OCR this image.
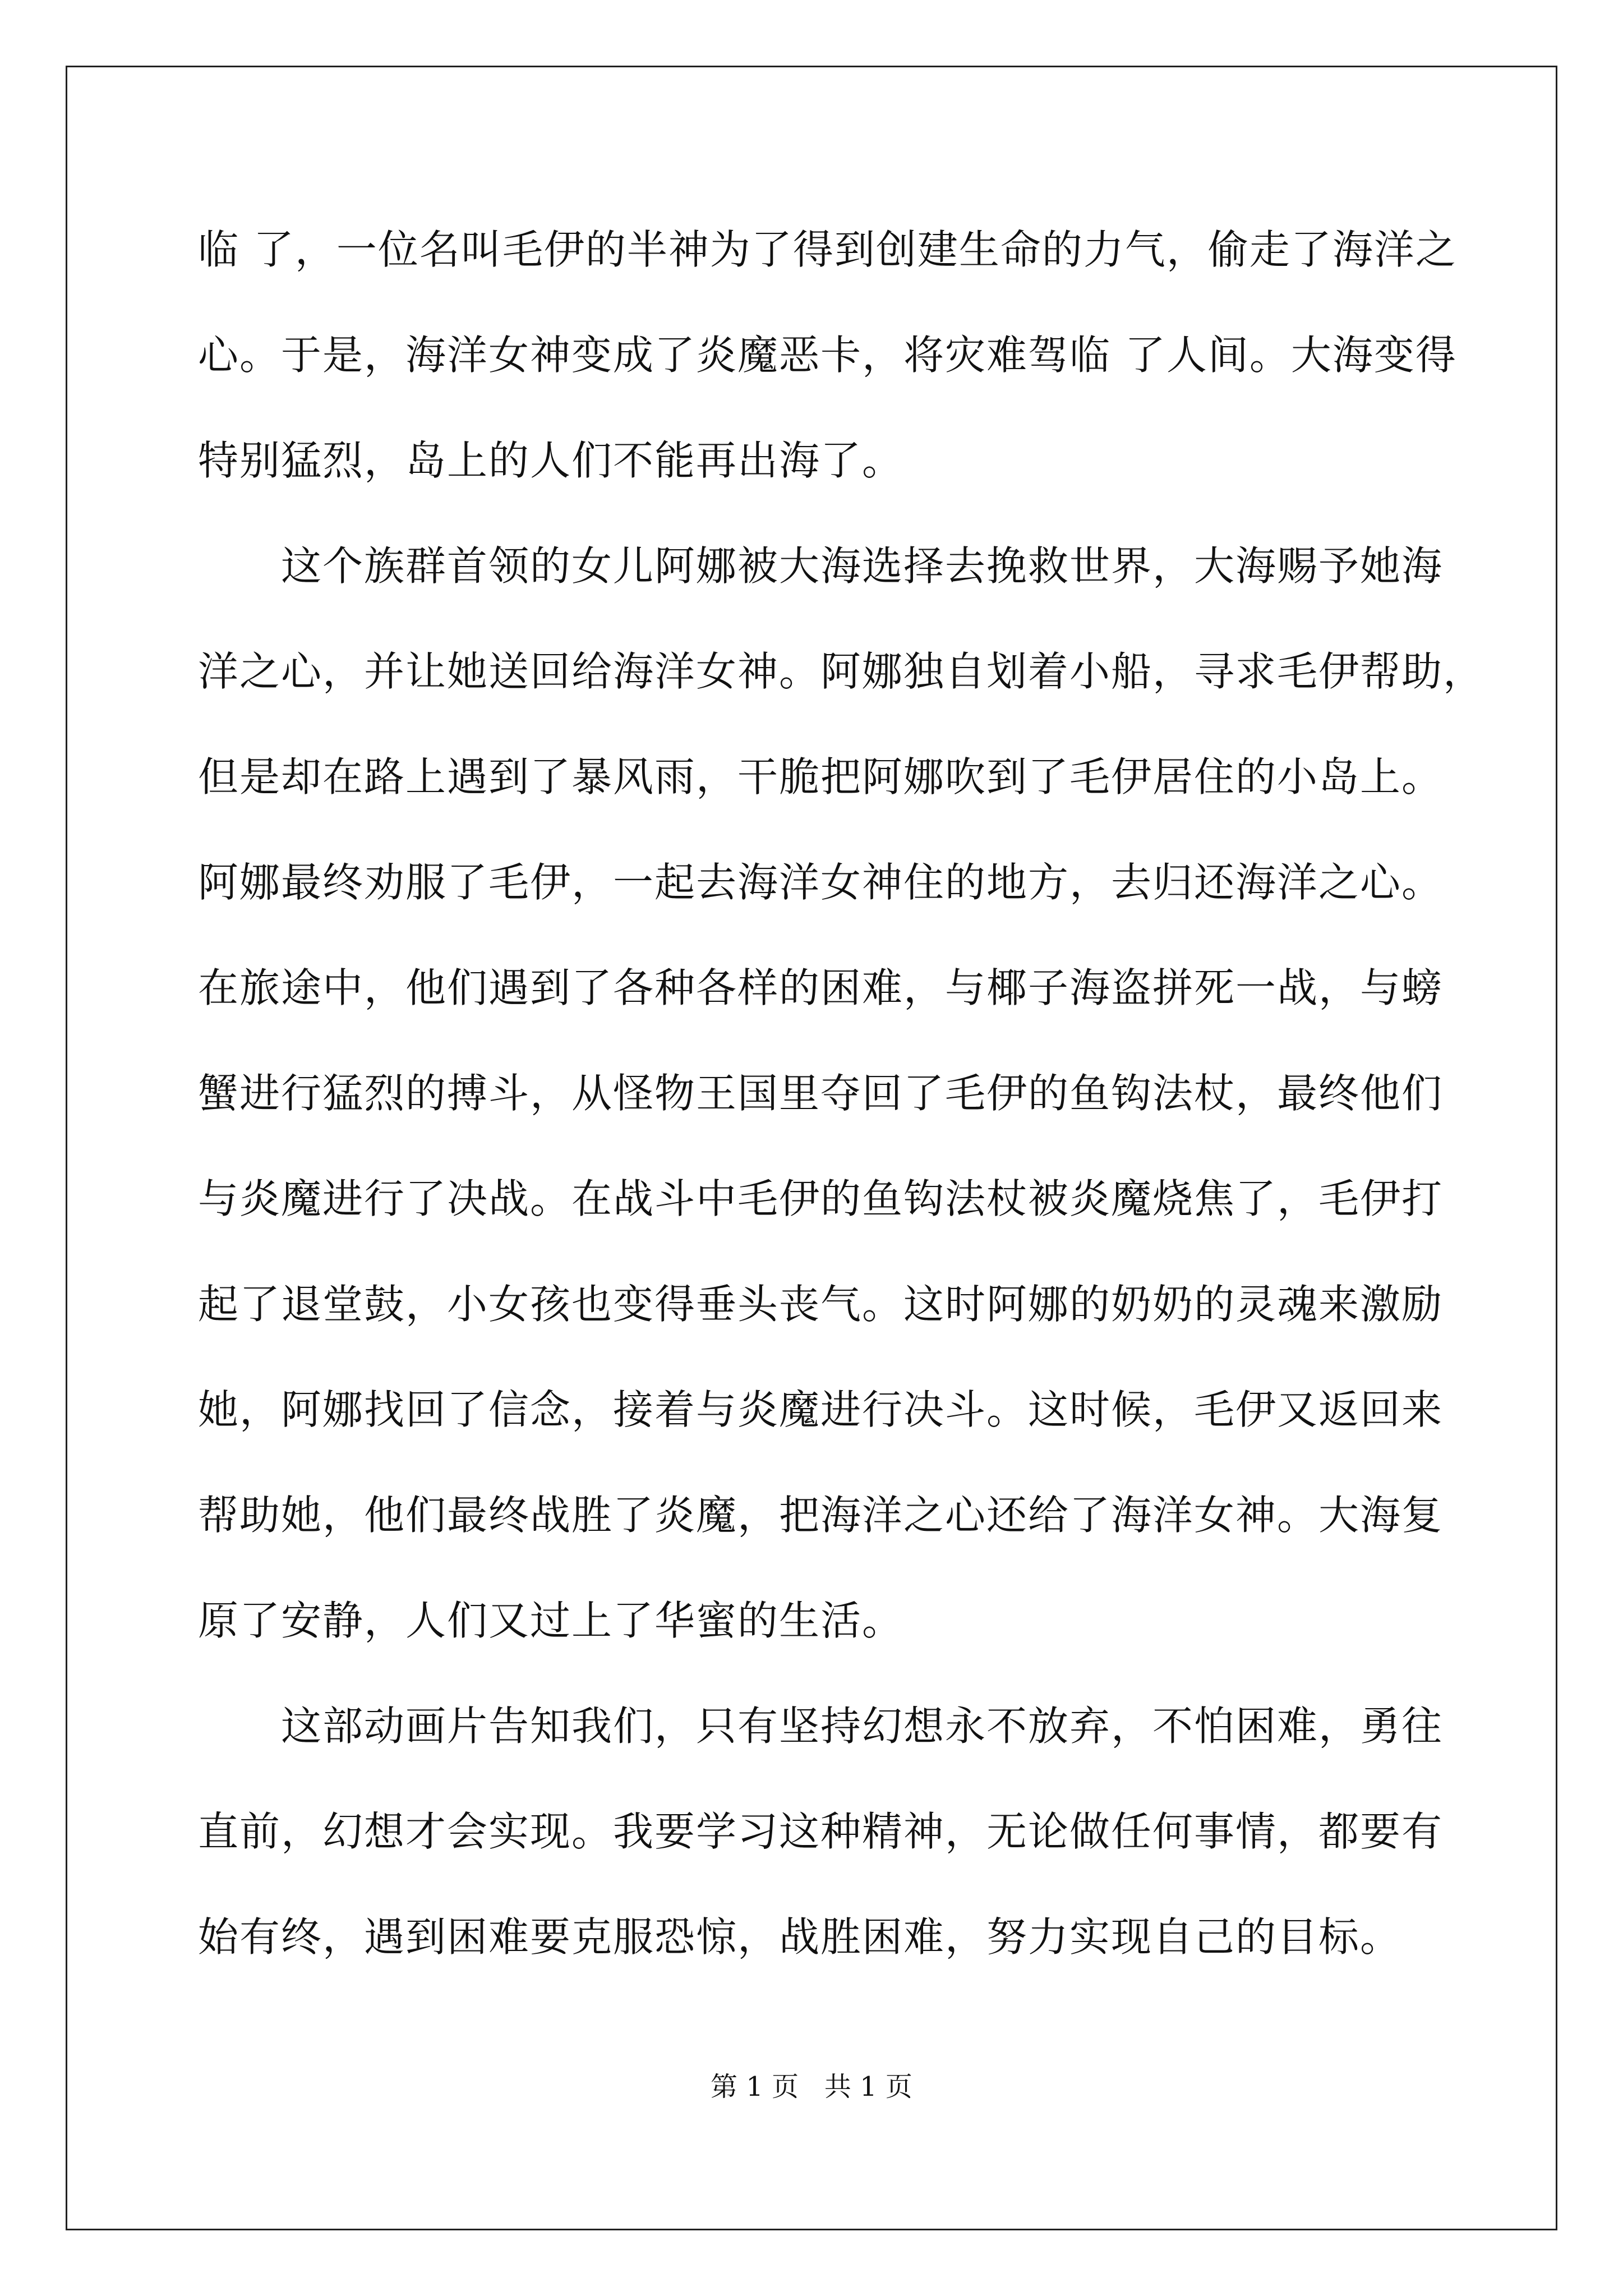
临 了，一位名叫毛伊的半神为了得到创建生命的力气，偷走了海洋之
心。于是，海洋女神变成了炎魔恶卡，将灾难驾临 了人间。大海变得
特别猛烈，岛上的人们不能再出海了。
这个族群首领的女儿阿娜被大海选择去挽救世界，大海赐予她海
洋之心，并让她送回给海洋女神。阿娜独自划着小船，寻求毛伊帮助，
但是却在路上遇到了暴风雨，干脆把阿娜吹到了毛伊居住的小岛上。
阿娜最终劝服了毛伊，一起去海洋女神住的地方，去归还海洋之心。
在旅途中，他们遇到了各种各样的困难，与椰子海盗拼死一战，与螃
蟹进行猛烈的搏斗，从怪物王国里夺回了毛伊的鱼钩法杖，最终他们
与炎魔进行了决战。在战斗中毛伊的鱼钩法杖被炎魔烧焦了，毛伊打
起了退堂鼓，小女孩也变得垂头丧气。这时阿娜的奶奶的灵魂来激励
她，阿娜找回了信念，接着与炎魔进行决斗。这时候，毛伊又返回来
帮助她，他们最终战胜了炎魔，把海洋之心还给了海洋女神。大海复
原了安静，人们又过上了华蜜的生活。
这部动画片告知我们，只有坚持幻想永不放弃，不怕困难，勇往
直前，幻想才会实现。我要学习这种精神，无论做任何事情，都要有
始有终，遇到困难要克服恐惊，战胜困难，努力实现自己的目标。
第 1 页   共 1 页
